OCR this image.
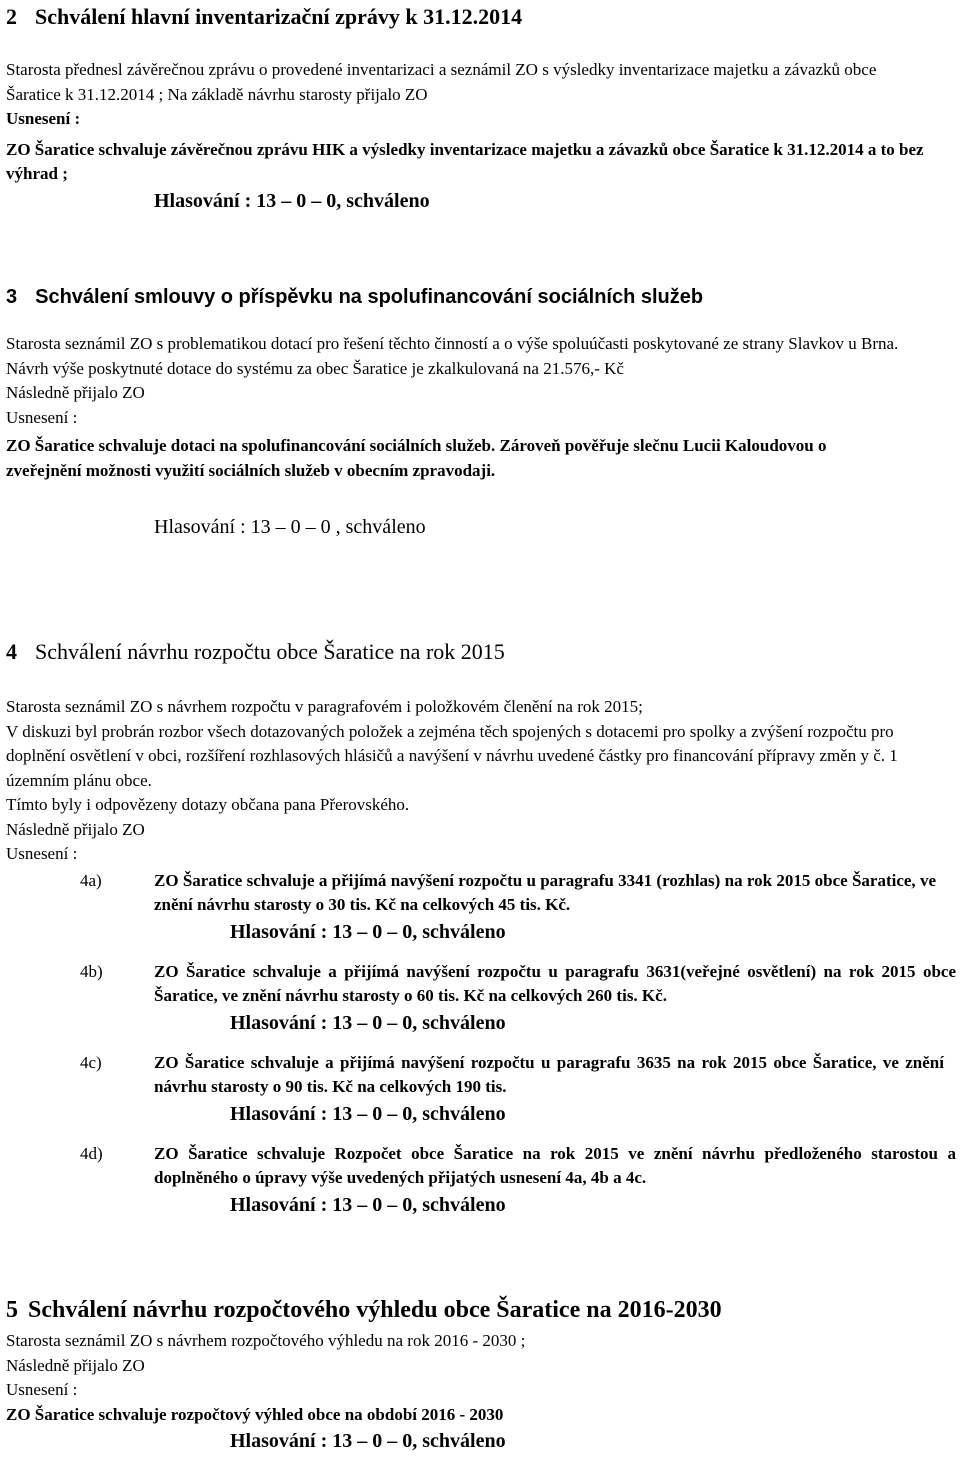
2 Schválení hlavní inventarizační zprávy k 31.12.2014

Starosta přednesl závěrečnou zprávu o provedené inventarizaci a seznámil ZO s výsledky inventarizace majetku a závazků obce Šaratice k 31.12.2014 ; Na základě návrhu starosty přijalo ZO

Usnesení :

ZO Šaratice schvaluje závěrečnou zprávu HIK a výsledky inventarizace majetku a závazků obce Šaratice k 31.12.2014 a to bez výhrad ;

Hlasování : 13 – 0 – 0, schváleno
3 Schválení smlouvy o příspěvku na spolufinancování sociálních služeb

Starosta seznámil ZO s problematikou dotací pro řešení těchto činností a o výše spoluúčasti poskytované ze strany Slavkov u Brna.

Návrh výše poskytnuté dotace do systému za obec Šaratice je zkalkulovaná na 21.576,- Kč

Následně přijalo ZO

Usnesení :

ZO Šaratice schvaluje dotaci na spolufinancování sociálních služeb. Zároveň pověřuje slečnu Lucii Kaloudovou o zveřejnění možnosti využití sociálních služeb v obecním zpravodaji.

Hlasování : 13 – 0 – 0 , schváleno
4 Schválení návrhu rozpočtu obce Šaratice na rok 2015

Starosta seznámil ZO s návrhem rozpočtu v paragrafovém i položkovém členění na rok 2015;

V diskuzi byl probrán rozbor všech dotazovaných položek a zejména těch spojených s dotacemi pro spolky a zvýšení rozpočtu pro doplnění osvětlení v obci, rozšíření rozhlasových hlásičů a navýšení v návrhu uvedené částky pro financování přípravy změn y č. 1 územním plánu obce.

Tímto byly i odpovězeny dotazy občana pana Přerovského.

Následně přijalo ZO

Usnesení :

4a)	ZO Šaratice schvaluje a přijímá navýšení rozpočtu u paragrafu 3341 (rozhlas) na rok 2015 obce Šaratice, ve znění návrhu starosty o 30 tis. Kč na celkových 45 tis. Kč.
Hlasování : 13 – 0 – 0, schváleno
4b)	ZO Šaratice schvaluje a přijímá navýšení rozpočtu u paragrafu 3631(veřejné osvětlení) na rok 2015 obce Šaratice, ve znění návrhu starosty o 60 tis. Kč na celkových 260 tis. Kč.
Hlasování : 13 – 0 – 0, schváleno
4c)	ZO Šaratice schvaluje a přijímá navýšení rozpočtu u paragrafu 3635 na rok 2015 obce Šaratice, ve znění návrhu starosty o 90 tis. Kč na celkových 190 tis.
Hlasování : 13 – 0 – 0, schváleno
4d)	ZO Šaratice schvaluje Rozpočet obce Šaratice na rok 2015 ve znění návrhu předloženého starostou a doplněného o úpravy výše uvedených přijatých usnesení 4a, 4b a 4c.
Hlasování : 13 – 0 – 0, schváleno
5 Schválení návrhu rozpočtového výhledu obce Šaratice na 2016-2030

Starosta seznámil ZO s návrhem rozpočtového výhledu na rok 2016 - 2030 ;

Následně přijalo ZO

Usnesení :

ZO Šaratice schvaluje rozpočtový výhled obce na období 2016 - 2030

Hlasování : 13 – 0 – 0, schváleno
